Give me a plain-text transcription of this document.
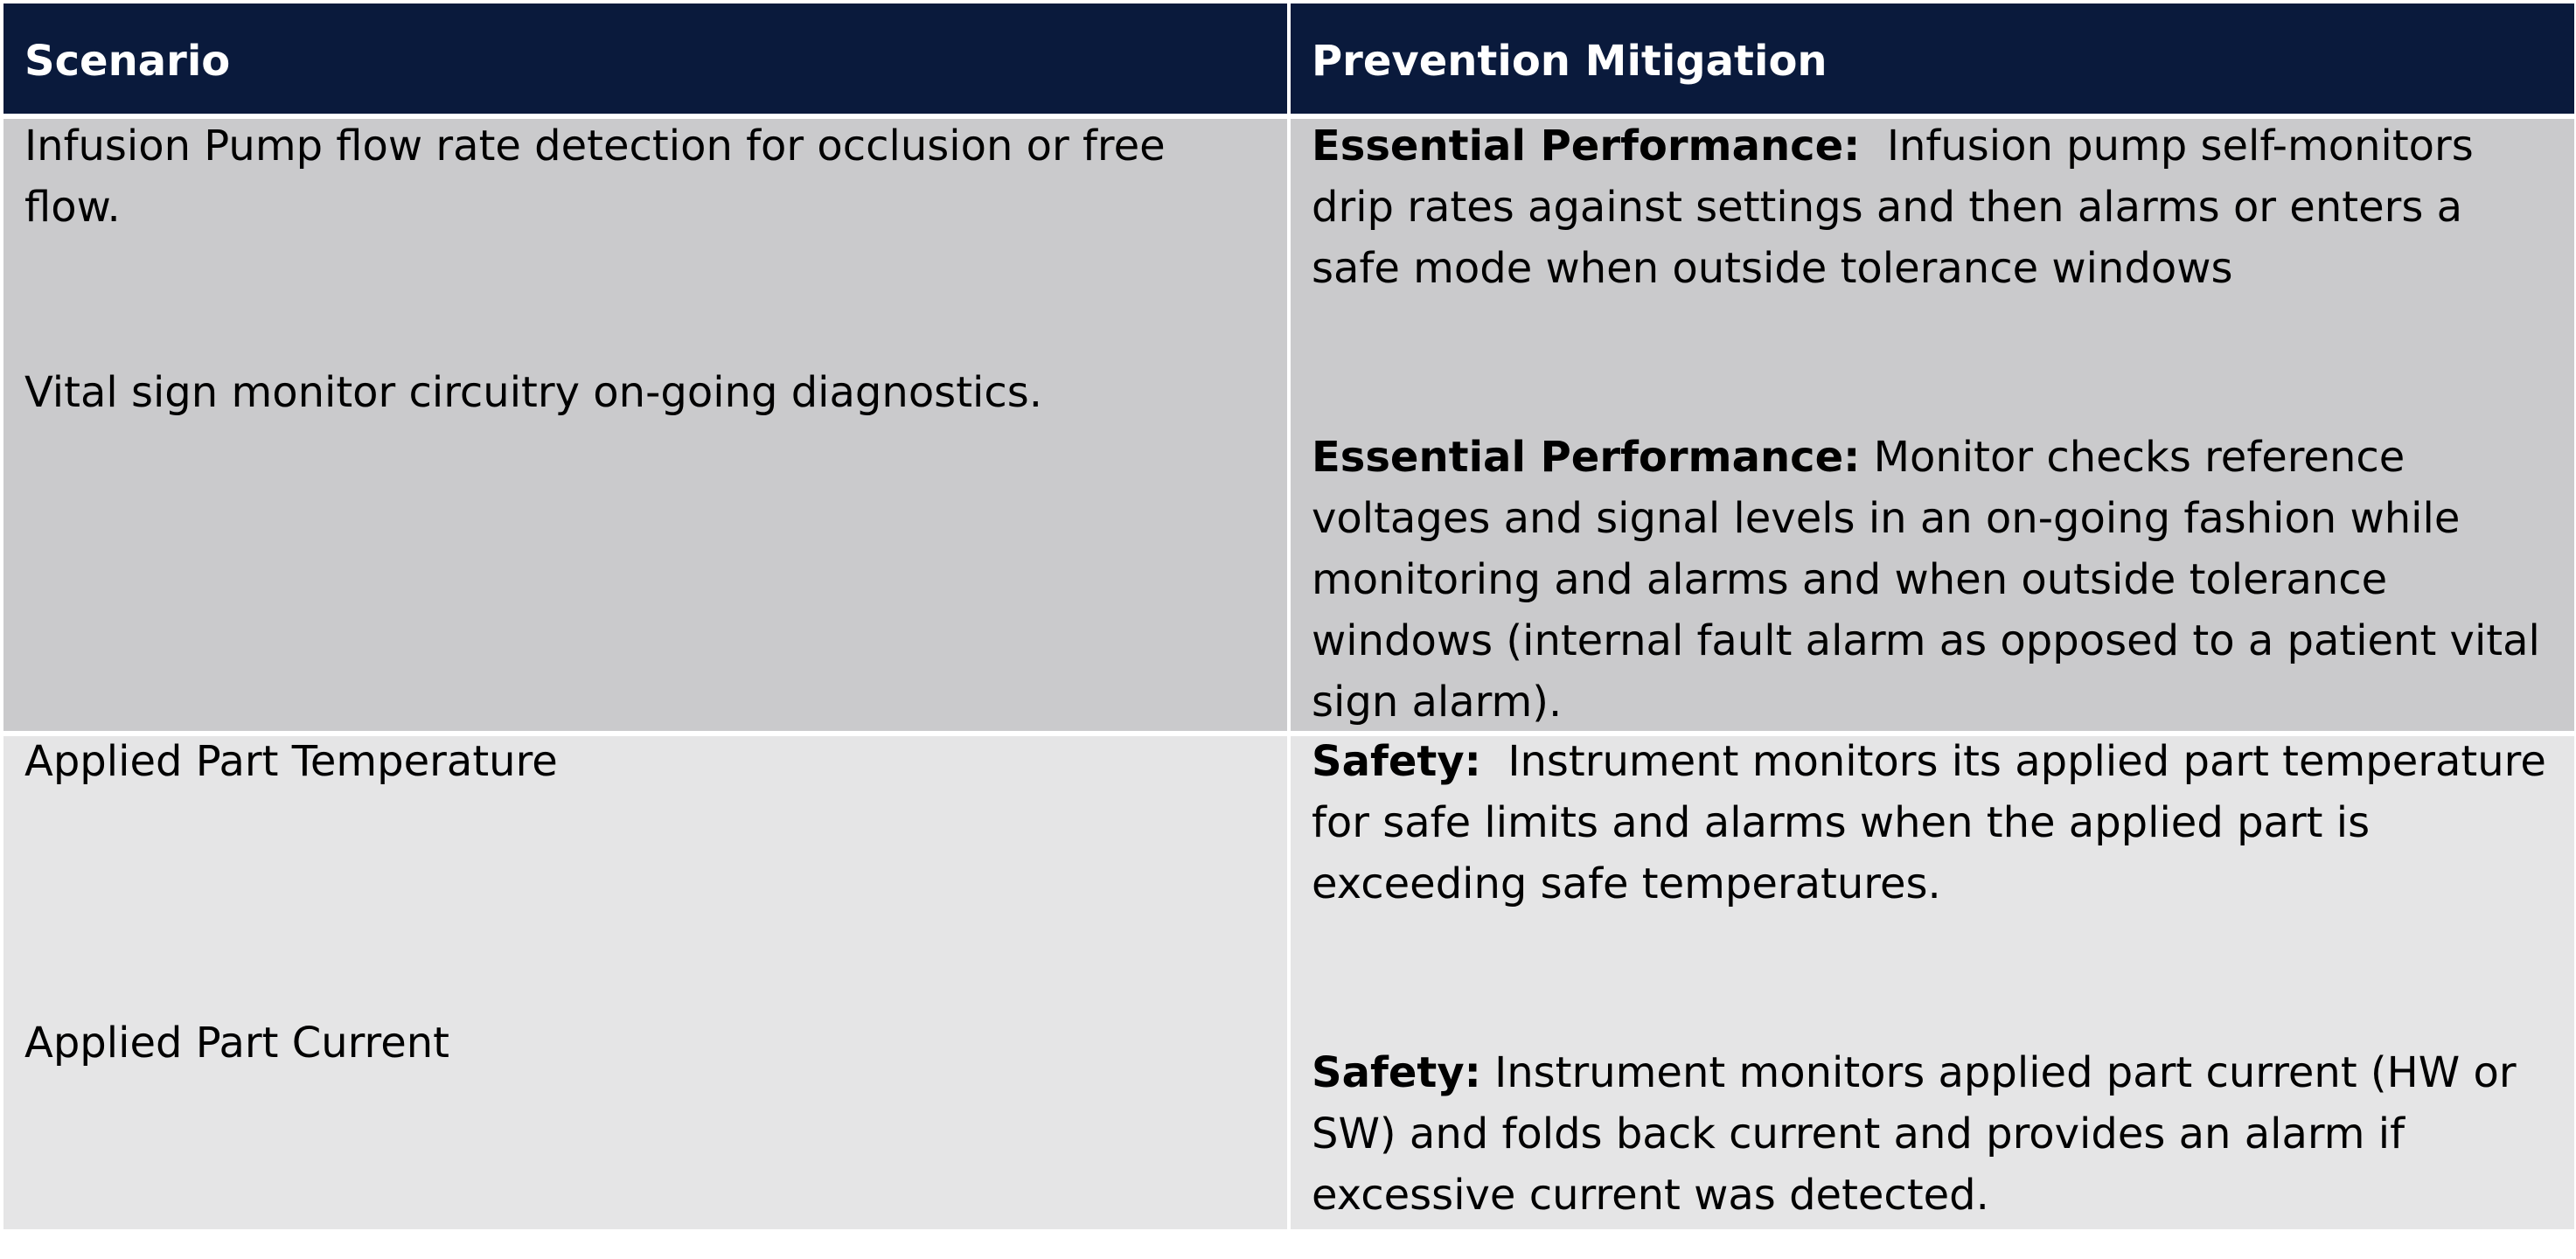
Scenario	Prevention Mitigation

Infusion Pump flow rate detection for occlusion or free flow.

Vital sign monitor circuitry on-going diagnostics.

Essential Performance: Infusion pump self-monitors drip rates against settings and then alarms or enters a safe mode when outside tolerance windows

Essential Performance: Monitor checks reference voltages and signal levels in an on-going fashion while monitoring and alarms and when outside tolerance windows (internal fault alarm as opposed to a patient vital sign alarm).

Applied Part Temperature

Applied Part Current

Safety: Instrument monitors its applied part temperature for safe limits and alarms when the applied part is exceeding safe temperatures.

Safety: Instrument monitors applied part current (HW or SW) and folds back current and provides an alarm if excessive current was detected.
